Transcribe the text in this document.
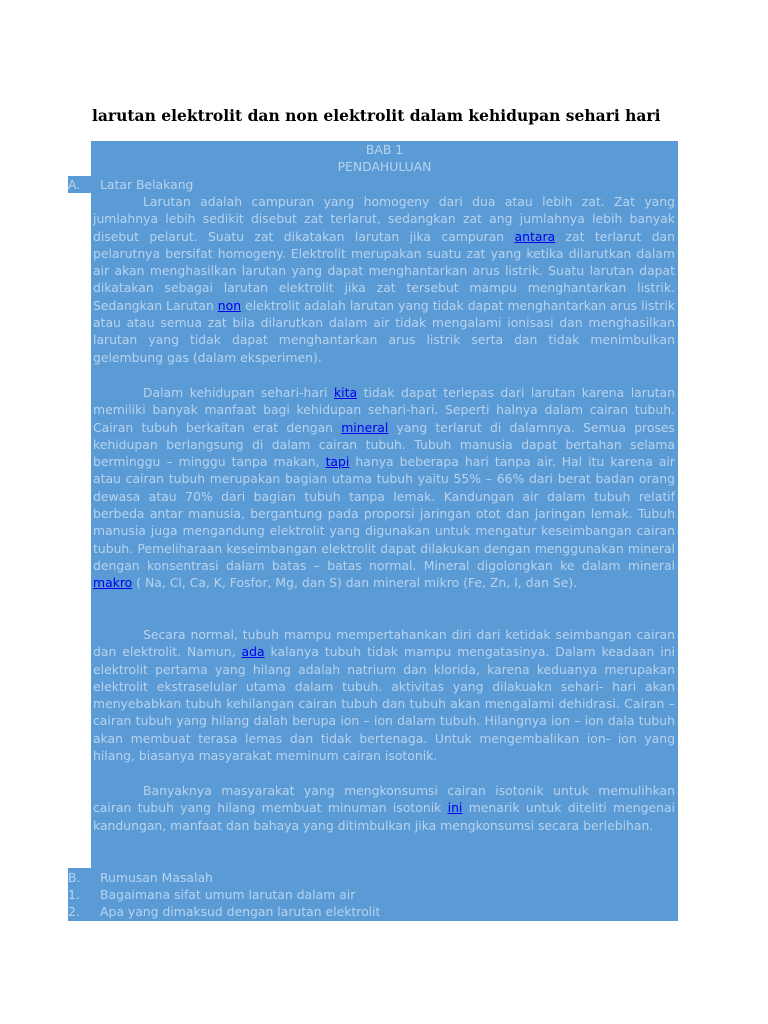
larutan elektrolit dan non elektrolit dalam kehidupan sehari hari
BAB 1
PENDAHULUAN
A. Latar Belakang

Larutan adalah campuran yang homogeny dari dua atau lebih zat. Zat yang jumlahnya lebih sedikit disebut zat terlarut, sedangkan zat ang jumlahnya lebih banyak disebut pelarut. Suatu zat dikatakan larutan jika campuran antara zat terlarut dan pelarutnya bersifat homogeny. Elektrolit merupakan suatu zat yang ketika dilarutkan dalam air akan menghasilkan larutan yang dapat menghantarkan arus listrik. Suatu larutan dapat dikatakan sebagai larutan elektrolit jika zat tersebut mampu menghantarkan listrik. Sedangkan Larutan non elektrolit adalah larutan yang tidak dapat menghantarkan arus listrik atau atau semua zat bila dilarutkan dalam air tidak mengalami ionisasi dan menghasilkan larutan yang tidak dapat menghantarkan arus listrik serta dan tidak menimbulkan gelembung gas (dalam eksperimen).

Dalam kehidupan sehari-hari kita tidak dapat terlepas dari larutan karena larutan memiliki banyak manfaat bagi kehidupan sehari-hari. Seperti halnya dalam cairan tubuh. Cairan tubuh berkaitan erat dengan mineral yang terlarut di dalamnya. Semua proses kehidupan berlangsung di dalam cairan tubuh. Tubuh manusia dapat bertahan selama berminggu – minggu tanpa makan, tapi hanya beberapa hari tanpa air. Hal itu karena air atau cairan tubuh merupakan bagian utama tubuh yaitu 55% – 66% dari berat badan orang dewasa atau 70% dari bagian tubuh tanpa lemak. Kandungan air dalam tubuh relatif berbeda antar manusia, bergantung pada proporsi jaringan otot dan jaringan lemak. Tubuh manusia juga mengandung elektrolit yang digunakan untuk mengatur keseimbangan cairan tubuh. Pemeliharaan keseimbangan elektrolit dapat dilakukan dengan menggunakan mineral dengan konsentrasi dalam batas – batas normal. Mineral digolongkan ke dalam mineral makro ( Na, Cl, Ca, K, Fosfor, Mg, dan S) dan mineral mikro (Fe, Zn, I, dan Se).

Secara normal, tubuh mampu mempertahankan diri dari ketidak seimbangan cairan dan elektrolit. Namun, ada kalanya tubuh tidak mampu mengatasinya. Dalam keadaan ini elektrolit pertama yang hilang adalah natrium dan klorida, karena keduanya merupakan elektrolit ekstraselular utama dalam tubuh. aktivitas yang dilakuakn sehari- hari akan menyebabkan tubuh kehilangan cairan tubuh dan tubuh akan mengalami dehidrasi. Cairan – cairan tubuh yang hilang dalah berupa ion – ion dalam tubuh. Hilangnya ion – ion dala tubuh akan membuat terasa lemas dan tidak bertenaga. Untuk mengembalikan ion- ion yang hilang, biasanya masyarakat meminum cairan isotonik.

Banyaknya masyarakat yang mengkonsumsi cairan isotonik untuk memulihkan cairan tubuh yang hilang membuat minuman isotonik ini menarik untuk diteliti mengenai kandungan, manfaat dan bahaya yang ditimbulkan jika mengkonsumsi secara berlebihan.

B. Rumusan Masalah
1. Bagaimana sifat umum larutan dalam air
2. Apa yang dimaksud dengan larutan elektrolit
